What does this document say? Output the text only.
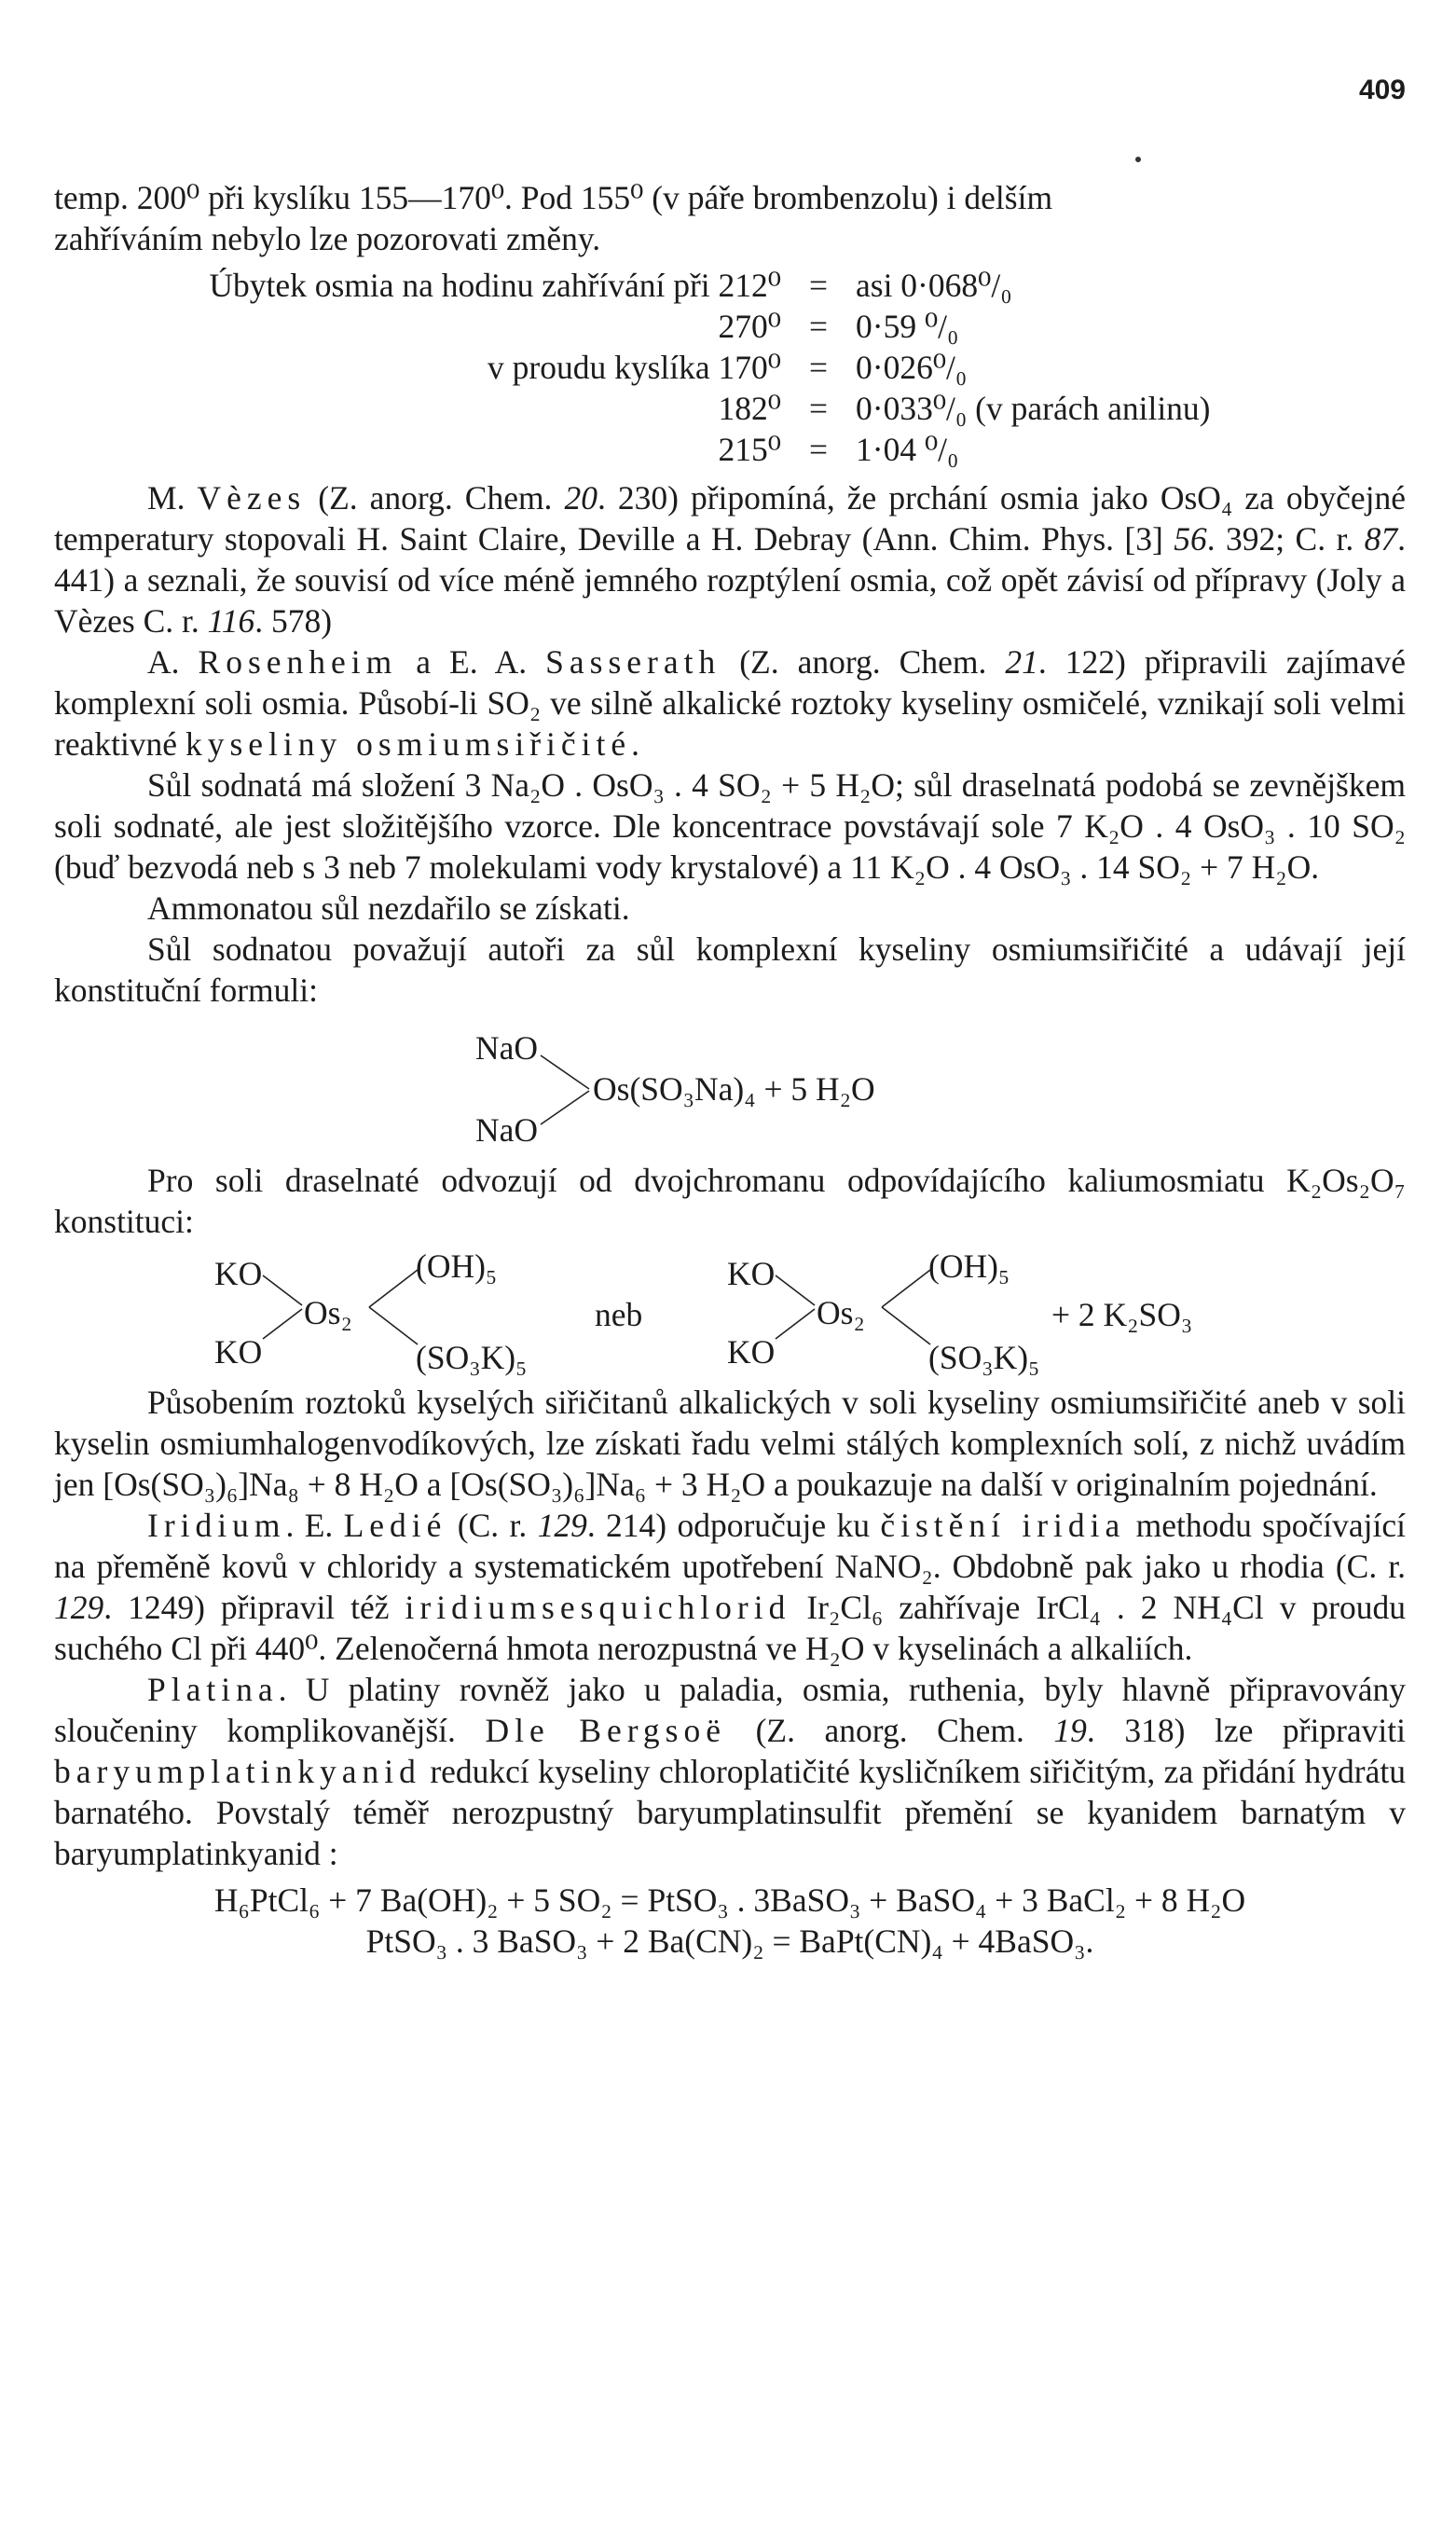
409

temp. 200⁰ při kyslíku 155—170⁰. Pod 155⁰ (v páře brombenzolu) i delším
zahříváním nebylo lze pozorovati změny.

Úbytek osmia na hodinu zahřívání při 212⁰	=	asi 0·068⁰/₀
270⁰	=	0·59 ⁰/₀
v proudu kyslíka 170⁰	=	0·026⁰/₀
182⁰	=	0·033⁰/₀ (v parách anilinu)
215⁰	=	1·04 ⁰/₀

M. Vèzes (Z. anorg. Chem. 20. 230) připomíná, že prchání osmia jako OsO₄ za obyčejné temperatury stopovali H. Saint Claire, Deville a H. Debray (Ann. Chim. Phys. [3] 56. 392; C. r. 87. 441) a seznali, že souvisí od více méně jemného rozptýlení osmia, což opět závisí od přípravy (Joly a Vèzes C. r. 116. 578)

A. Rosenheim a E. A. Sasserath (Z. anorg. Chem. 21. 122) připravili zajímavé komplexní soli osmia. Působí-li SO₂ ve silně alkalické roztoky kyseliny osmičelé, vznikají soli velmi reaktivné kyseliny osmiumsiřičité.

Sůl sodnatá má složení 3 Na₂O . OsO₃ . 4 SO₂ + 5 H₂O; sůl draselnatá podobá se zevnějškem soli sodnaté, ale jest složitějšího vzorce. Dle koncentrace povstávají sole 7 K₂O . 4 OsO₃ . 10 SO₂ (buď bezvodá neb s 3 neb 7 molekulami vody krystalové) a 11 K₂O . 4 OsO₃ . 14 SO₂ + 7 H₂O.

Ammonatou sůl nezdařilo se získati.

Sůl sodnatou považují autoři za sůl komplexní kyseliny osmiumsiřičité a udávají její konstituční formuli:

NaO
NaO
Os(SO₃Na)₄ + 5 H₂O

Pro soli draselnaté odvozují od dvojchromanu odpovídajícího kaliumosmiatu K₂Os₂O₇ konstituci:

KO
KO
Os₂
(OH)₅
(SO₃K)₅
neb
KO
KO
Os₂
(OH)₅
(SO₃K)₅
+ 2 K₂SO₃

Působením roztoků kyselých siřičitanů alkalických v soli kyseliny osmiumsiřičité aneb v soli kyselin osmiumhalogenvodíkových, lze získati řadu velmi stálých komplexních solí, z nichž uvádím jen [Os(SO₃)₆]Na₈ + 8 H₂O a [Os(SO₃)₆]Na₆ + 3 H₂O a poukazuje na další v originalním pojednání.

Iridium. E. Ledié (C. r. 129. 214) odporučuje ku čistění iridia methodu spočívající na přeměně kovů v chloridy a systematickém upotřebení NaNO₂. Obdobně pak jako u rhodia (C. r. 129. 1249) připravil též iridiumsesquichlorid Ir₂Cl₆ zahřívaje IrCl₄ . 2 NH₄Cl v proudu suchého Cl při 440⁰. Zelenočerná hmota nerozpustná ve H₂O v kyselinách a alkaliích.

Platina. U platiny rovněž jako u paladia, osmia, ruthenia, byly hlavně připravovány sloučeniny komplikovanější. Dle Bergsoë (Z. anorg. Chem. 19. 318) lze připraviti baryumplatinkyanid redukcí kyseliny chloroplatičité kysličníkem siřičitým, za přidání hydrátu barnatého. Povstalý téměř nerozpustný baryumplatinsulfit přemění se kyanidem barnatým v baryumplatinkyanid :

H₆PtCl₆ + 7 Ba(OH)₂ + 5 SO₂ = PtSO₃ . 3BaSO₃ + BaSO₄ + 3 BaCl₂ + 8 H₂O

PtSO₃ . 3 BaSO₃ + 2 Ba(CN)₂ = BaPt(CN)₄ + 4BaSO₃.
